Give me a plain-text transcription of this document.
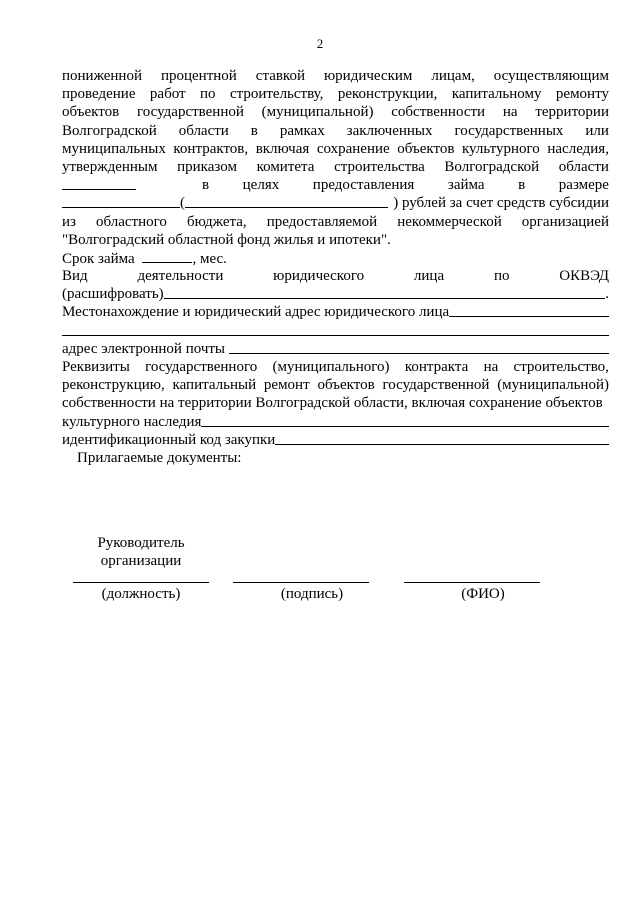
2
пониженной процентной ставкой юридическим лицам, осуществляющим
проведение работ по строительству, реконструкции, капитальному ремонту
объектов государственной (муниципальной) собственности на территории
Волгоградской области в рамках заключенных государственных или
муниципальных контрактов, включая сохранение объектов культурного наследия,
утвержденным приказом комитета строительства Волгоградской области
в целях предоставления займа в размере
(	) рублей за счет средств субсидии
из областного бюджета, предоставляемой некоммерческой организацией
"Волгоградский областной фонд жилья и ипотеки".
Срок займа	, мес.
Вид	деятельности	юридического	лица	по	ОКВЭД
(расшифровать)	.
Местонахождение и юридический адрес юридического лица
адрес электронной почты
Реквизиты государственного (муниципального) контракта на строительство,
реконструкцию, капитальный ремонт объектов государственной (муниципальной)
собственности на территории Волгоградской области, включая сохранение объектов
культурного наследия
идентификационный код закупки
Прилагаемые документы:
Руководитель
организации
(должность)	(подпись)	(ФИО)
